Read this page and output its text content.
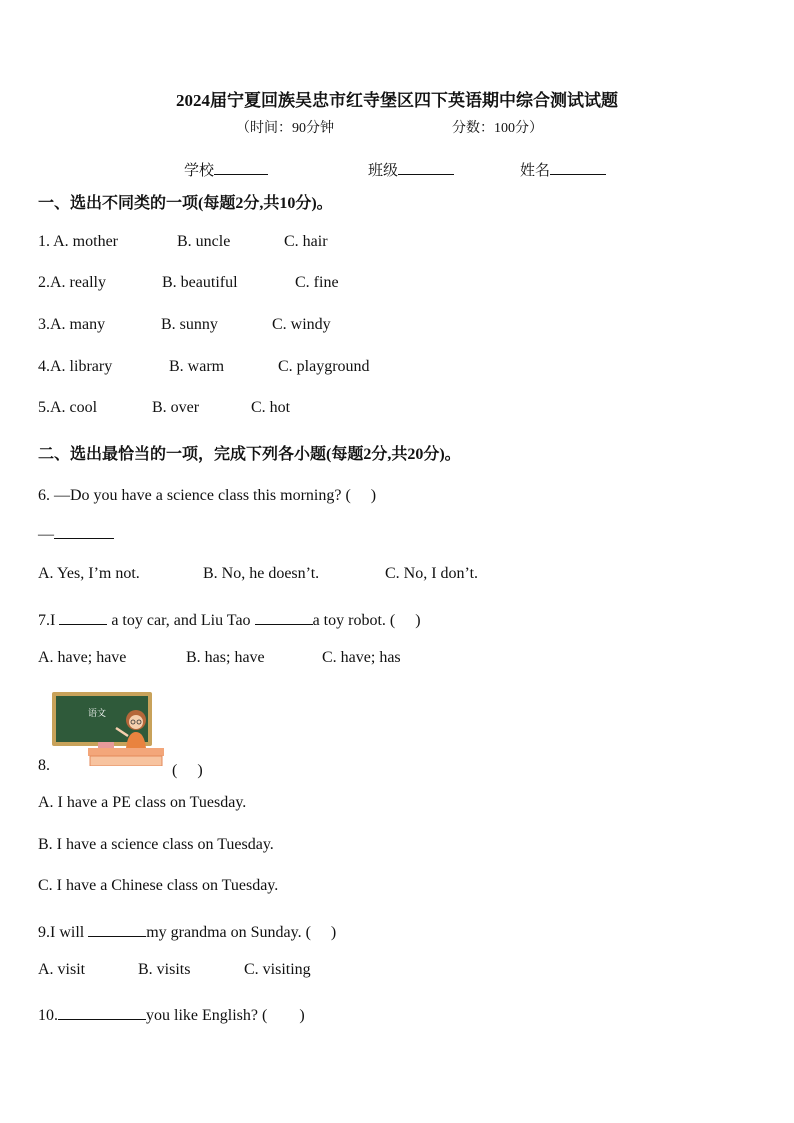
2024届宁夏回族吴忠市红寺堡区四下英语期中综合测试试题
（时间：90分钟	分数：100分）
学校	班级	姓名
一、选出不同类的一项(每题2分,共10分)。
1. A. mother	B. uncle	C. hair
2.A. really	B. beautiful	C. fine
3.A. many	B. sunny	C. windy
4.A. library	B. warm	C. playground
5.A. cool	B. over	C. hot
二、选出最恰当的一项，完成下列各小题(每题2分,共20分)。
6. —Do you have a science class this morning? (　 )
—
A. Yes, I’m not.	B. No, he doesn’t.	C. No, I don’t.
7.I	a toy car, and Liu Tao	a toy robot. (　 )
A. have; have	B. has; have	C. have; has
语文
8.	(　 )
A. I have a PE class on Tuesday.
B. I have a science class on Tuesday.
C. I have a Chinese class on Tuesday.
9.I will	my grandma on Sunday. (　 )
A. visit	B. visits	C. visiting
10.	you like English? (　　)
